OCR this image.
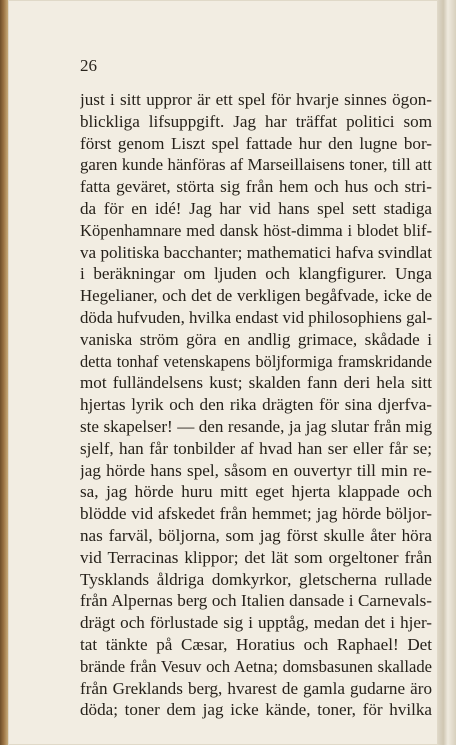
26
just i sitt uppror är ett spel för hvarje sinnes ögon-
blickliga lifsuppgift. Jag har träffat politici som
först genom Liszt spel fattade hur den lugne bor-
garen kunde hänföras af Marseillaisens toner, till att
fatta geväret, störta sig från hem och hus och stri-
da för en idé! Jag har vid hans spel sett stadiga
Köpenhamnare med dansk höst-dimma i blodet blif-
va politiska bacchanter; mathematici hafva svindlat
i beräkningar om ljuden och klangfigurer. Unga
Hegelianer, och det de verkligen begåfvade, icke de
döda hufvuden, hvilka endast vid philosophiens gal-
vaniska ström göra en andlig grimace, skådade i
detta tonhaf vetenskapens böljformiga framskridande
mot fulländelsens kust; skalden fann deri hela sitt
hjertas lyrik och den rika drägten för sina djerfva-
ste skapelser! — den resande, ja jag slutar från mig
sjelf, han får tonbilder af hvad han ser eller får se;
jag hörde hans spel, såsom en ouvertyr till min re-
sa, jag hörde huru mitt eget hjerta klappade och
blödde vid afskedet från hemmet; jag hörde böljor-
nas farväl, böljorna, som jag först skulle åter höra
vid Terracinas klippor; det lät som orgeltoner från
Tysklands åldriga domkyrkor, gletscherna rullade
från Alpernas berg och Italien dansade i Carnevals-
drägt och förlustade sig i upptåg, medan det i hjer-
tat tänkte på Cæsar, Horatius och Raphael! Det
brände från Vesuv och Aetna; domsbasunen skallade
från Greklands berg, hvarest de gamla gudarne äro
döda; toner dem jag icke kände, toner, för hvilka
